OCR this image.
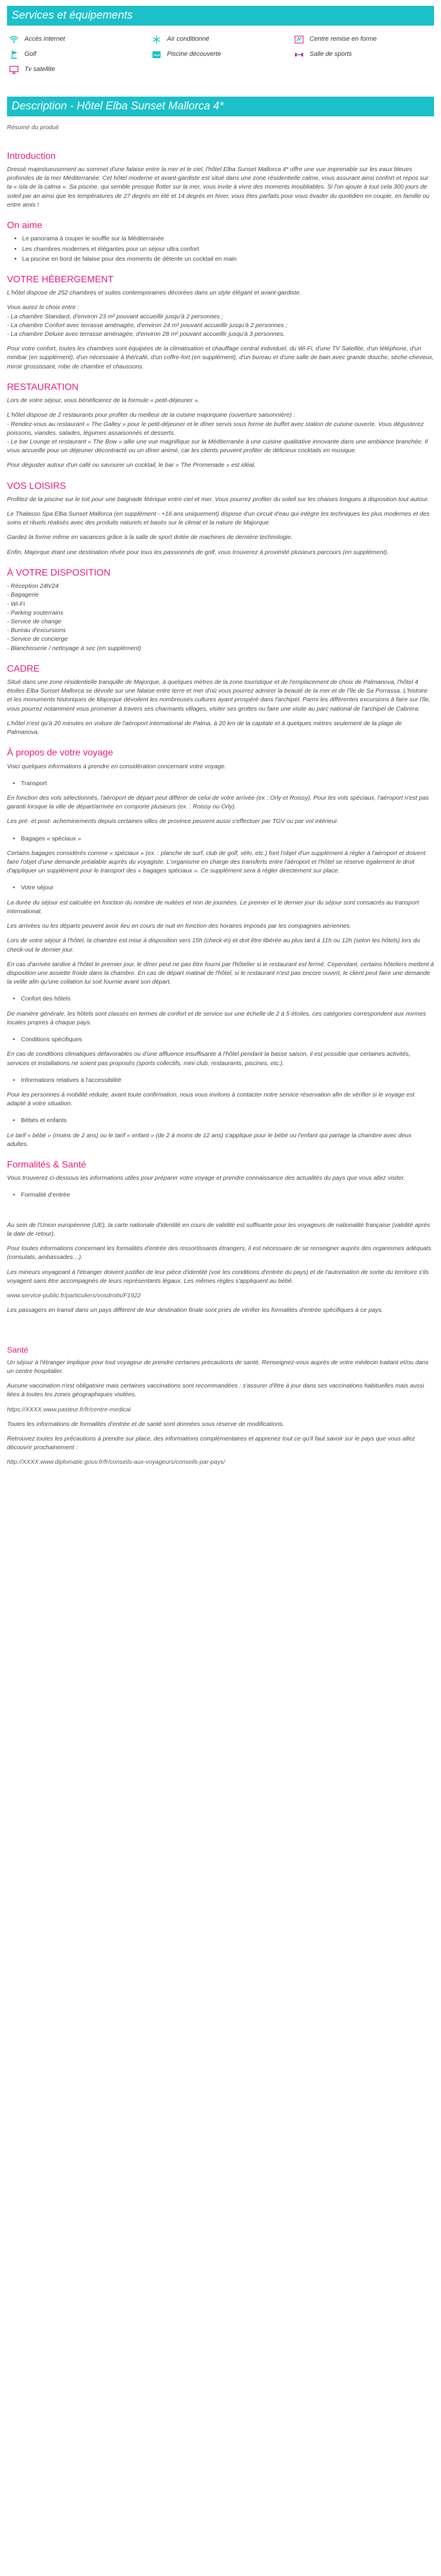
Services et équipements
Accès internet	Air conditionné	Centre remise en forme
Golf	Piscine découverte	Salle de sports
Tv satellite
Description - Hôtel Elba Sunset Mallorca 4*
Résumé du produit
Introduction

Dressé majestueusement au sommet d'une falaise entre la mer et le ciel, l'hôtel Elba Sunset Mallorca 4* offre une vue imprenable sur les eaux bleues profondes de la mer Méditerranée. Cet hôtel moderne et avant-gardiste est situé dans une zone résidentielle calme, vous assurant ainsi confort et repos sur la « isla de la calma ». Sa piscine, qui semble presque flotter sur la mer, vous invite à vivre des moments inoubliables. Si l'on ajoute à tout cela 300 jours de soleil par an ainsi que les températures de 27 degrés en été et 14 degrés en hiver, vous êtes parfaits pour vous évader du quotidien en couple, en famille ou entre amis !

On aime
• Le panorama à couper le souffle sur la Méditerranée
• Les chambres modernes et élégantes pour un séjour ultra confort
• La piscine en bord de falaise pour des moments de détente un cocktail en main
VOTRE HÉBERGEMENT

L'hôtel dispose de 252 chambres et suites contemporaines décorées dans un style élégant et avant-gardiste.

Vous aurez le choix entre :
- La chambre Standard, d'environ 23 m² pouvant accueillir jusqu'à 2 personnes ;
- La chambre Confort avec terrasse aménagée, d'environ 24 m² pouvant accueillir jusqu'à 2 personnes ;
- La chambre Deluxe avec terrasse aménagée, d'environ 28 m² pouvant accueillir jusqu'à 3 personnes.

Pour votre confort, toutes les chambres sont équipées de la climatisation et chauffage central individuel, du Wi-Fi, d'une TV Satellite, d'un téléphone, d'un minibar (en supplément), d'un nécessaire à thé/café, d'un coffre-fort (en supplément), d'un bureau et d'une salle de bain avec grande douche, sèche-cheveux, miroir grossissant, robe de chambre et chaussons.

RESTAURATION

Lors de votre séjour, vous bénéficierez de la formule « petit-déjeuner ».

L'hôtel dispose de 2 restaurants pour profiter du meilleur de la cuisine majorquine (ouverture saisonnière) :
- Rendez-vous au restaurant « The Galley » pour le petit-déjeuner et le dîner servis sous forme de buffet avec station de cuisine ouverte. Vous dégusterez poissons, viandes, salades, légumes assaisonnés et desserts.
- Le bar Lounge et restaurant « The Bow » allie une vue magnifique sur la Méditerranée à une cuisine qualitative innovante dans une ambiance branchée. Il vous accueille pour un déjeuner décontracté ou un dîner animé, car les clients peuvent profiter de délicieux cocktails en musique.

Pour déguster autour d'un café ou savourer un cocktail, le bar « The Promenade » est idéal.

VOS LOISIRS

Profitez de la piscine sur le toit pour une baignade féérique entre ciel et mer. Vous pourrez profiter du soleil sur les chaises longues à disposition tout autour.

Le Thalasso Spa Elba Sunset Mallorca (en supplément - +16 ans uniquement) dispose d'un circuit d'eau qui intègre les techniques les plus modernes et des soins et rituels réalisés avec des produits naturels et basés sur le climat et la nature de Majorque.

Gardez la forme même en vacances grâce à la salle de sport dotée de machines de dernière technologie.

Enfin, Majorque étant une destination rêvée pour tous les passionnés de golf, vous trouverez à proximité plusieurs parcours (en supplément).

À VOTRE DISPOSITION
- Réception 24h/24
- Bagagerie
- Wi-Fi
- Parking souterrains
- Service de change
- Bureau d'excursions
- Service de concierge
- Blanchisserie / nettoyage à sec (en supplément)
CADRE

Situé dans une zone résidentielle tranquille de Majorque, à quelques mètres de la zone touristique et de l'emplacement de choix de Palmanova, l'hôtel 4 étoiles Elba Sunset Mallorca se dévoile sur une falaise entre terre et mer d'où vous pourrez admirer la beauté de la mer et de l'île de Sa Porrassa. L'histoire et les monuments historiques de Majorque dévoilent les nombreuses cultures ayant prospéré dans l'archipel. Parmi les différentes excursions à faire sur l'île, vous pourrez notamment vous promener à travers ses charmants villages, visiter ses grottes ou faire une visite au parc national de l'archipel de Cabrera.

L'hôtel n'est qu'à 20 minutes en voiture de l'aéroport international de Palma, à 20 km de la capitale et à quelques mètres seulement de la plage de Palmanova.

À propos de votre voyage

Voici quelques informations à prendre en considération concernant votre voyage.

• Transport

En fonction des vols sélectionnés, l'aéroport de départ peut différer de celui de votre arrivée (ex : Orly et Roissy). Pour les vols spéciaux, l'aéroport n'est pas garanti lorsque la ville de départ/arrivée en comporte plusieurs (ex. : Roissy ou Orly).

Les pré- et post- acheminements depuis certaines villes de province peuvent aussi s'effectuer par TGV ou par vol intérieur.

• Bagages « spéciaux »

Certains bagages considérés comme « spéciaux » (ex. : planche de surf, club de golf, vélo, etc.) font l'objet d'un supplément à régler à l'aéroport et doivent faire l'objet d'une demande préalable auprès du voyagiste. L'organisme en charge des transferts entre l'aéroport et l'hôtel se réserve également le droit d'appliquer un supplément pour le transport des « bagages spéciaux ». Ce supplément sera à régler directement sur place.

• Votre séjour

La durée du séjour est calculée en fonction du nombre de nuitées et non de journées. Le premier et le dernier jour du séjour sont consacrés au transport international.

Les arrivées ou les départs peuvent avoir lieu en cours de nuit en fonction des horaires imposés par les compagnies aériennes.

Lors de votre séjour à l'hôtel, la chambre est mise à disposition vers 15h (check-in) et doit être libérée au plus tard à 11h ou 12h (selon les hôtels) lors du check-out le dernier jour.

En cas d'arrivée tardive à l'hôtel le premier jour, le dîner peut ne pas être fourni par l'hôtelier si le restaurant est fermé. Cependant, certains hôteliers mettent à disposition une assiette froide dans la chambre. En cas de départ matinal de l'hôtel, si le restaurant n'est pas encore ouvert, le client peut faire une demande la veille afin qu'une collation lui soit fournie avant son départ.

• Confort des hôtels

De manière générale, les hôtels sont classés en termes de confort et de service sur une échelle de 2 à 5 étoiles, ces catégories correspondent aux normes locales propres à chaque pays.

• Conditions spécifiques

En cas de conditions climatiques défavorables ou d'une affluence insuffisante à l'hôtel pendant la basse saison, il est possible que certaines activités, services et installations ne soient pas proposés (sports collectifs, mini club, restaurants, piscines, etc.).

• Informations relatives à l'accessibilité

Pour les personnes à mobilité réduite, avant toute confirmation, nous vous invitons à contacter notre service réservation afin de vérifier si le voyage est adapté à votre situation.

• Bébés et enfants

Le tarif « bébé » (moins de 2 ans) ou le tarif « enfant » (de 2 à moins de 12 ans) s'applique pour le bébé ou l'enfant qui partage la chambre avec deux adultes.

Formalités & Santé

Vous trouverez ci-dessous les informations utiles pour préparer votre voyage et prendre connaissance des actualités du pays que vous allez visiter.

• Formalité d'entrée

Au sein de l'Union européenne (UE), la carte nationale d'identité en cours de validité est suffisante pour les voyageurs de nationalité française (validité après la date de retour).

Pour toutes informations concernant les formalités d'entrée des ressortissants étrangers, il est nécessaire de se renseigner auprès des organismes adéquats (consulats, ambassades…).

Les mineurs voyageant à l'étranger doivent justifier de leur pièce d'identité (voir les conditions d'entrée du pays) et de l'autorisation de sortie du territoire s'ils voyagent sans être accompagnés de leurs représentants légaux. Les mêmes règles s'appliquent au bébé.

www.service-public.fr/particuliers/vosdroits/F1922

Les passagers en transit dans un pays différent de leur destination finale sont priés de vérifier les formalités d'entrée spécifiques à ce pays.

Santé

Un séjour à l'étranger implique pour tout voyageur de prendre certaines précautions de santé. Renseignez-vous auprès de votre médecin traitant et/ou dans un centre hospitalier.

Aucune vaccination n'est obligatoire mais certaines vaccinations sont recommandées : s'assurer d'être à jour dans ses vaccinations habituelles mais aussi liées à toutes les zones géographiques visitées.

https://XXXX.www.pasteur.fr/fr/centre-medical

Toutes les informations de formalités d'entrée et de santé sont données sous réserve de modifications.

Retrouvez toutes les précautions à prendre sur place, des informations complémentaires et apprenez tout ce qu'il faut savoir sur le pays que vous allez découvrir prochainement :

http://XXXX.www.diplomatie.gouv.fr/fr/conseils-aux-voyageurs/conseils-par-pays/
